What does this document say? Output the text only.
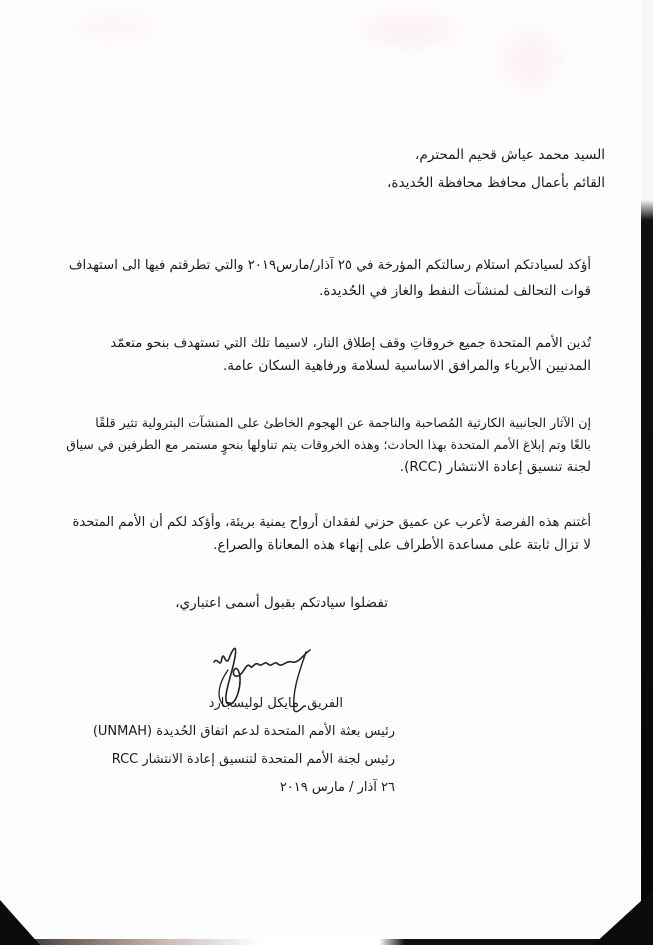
السيد محمد عياش قحيم المحترم،
القائم بأعمال محافظ محافظة الحُديدة،
أؤكد لسيادتكم استلام رسالتكم المؤرخة في ٢٥ آذار/مارس٢٠١٩ والتي تطرقتم فيها الى استهداف
قوات التحالف لمنشآت النفط والغاز في الحُديدة.
تُدين الأمم المتحدة جميع خروقاتِ وقف إطلاق النار، لاسيما تلك التي تستهدف بنحو متعمّد
المدنيين الأبرياء والمرافق الاساسية لسلامة ورفاهية السكان عامة.
إن الآثار الجانبية الكارثية المُصاحبة والناجمة عن الهجوم الخاطئ على المنشآت البترولية تثير قلقًا
بالغًا وتم إبلاغ الأمم المتحدة بهذا الحادث؛ وهذه الخروقات يتم تناولها بنحوٍ مستمر مع الطرفين في سياق
لجنة تنسيق إعادة الانتشار (RCC).
أغتنم هذه الفرصة لأعرب عن عميق حزني لفقدان أرواح يمنية بريئة، وأؤكد لكم أن الأمم المتحدة
لا تزال ثابتة على مساعدة الأطراف على إنهاء هذه المعاناة والصراع.
تفضلوا سيادتكم بقبول أسمى اعتباري،
الفريق. مايكل لوليسجارد
رئيس بعثة الأمم المتحدة لدعم اتفاق الحُديدة (UNMAH)
رئيس لجنة الأمم المتحدة لتنسيق إعادة الانتشار RCC
٢٦ آذار / مارس ٢٠١٩
